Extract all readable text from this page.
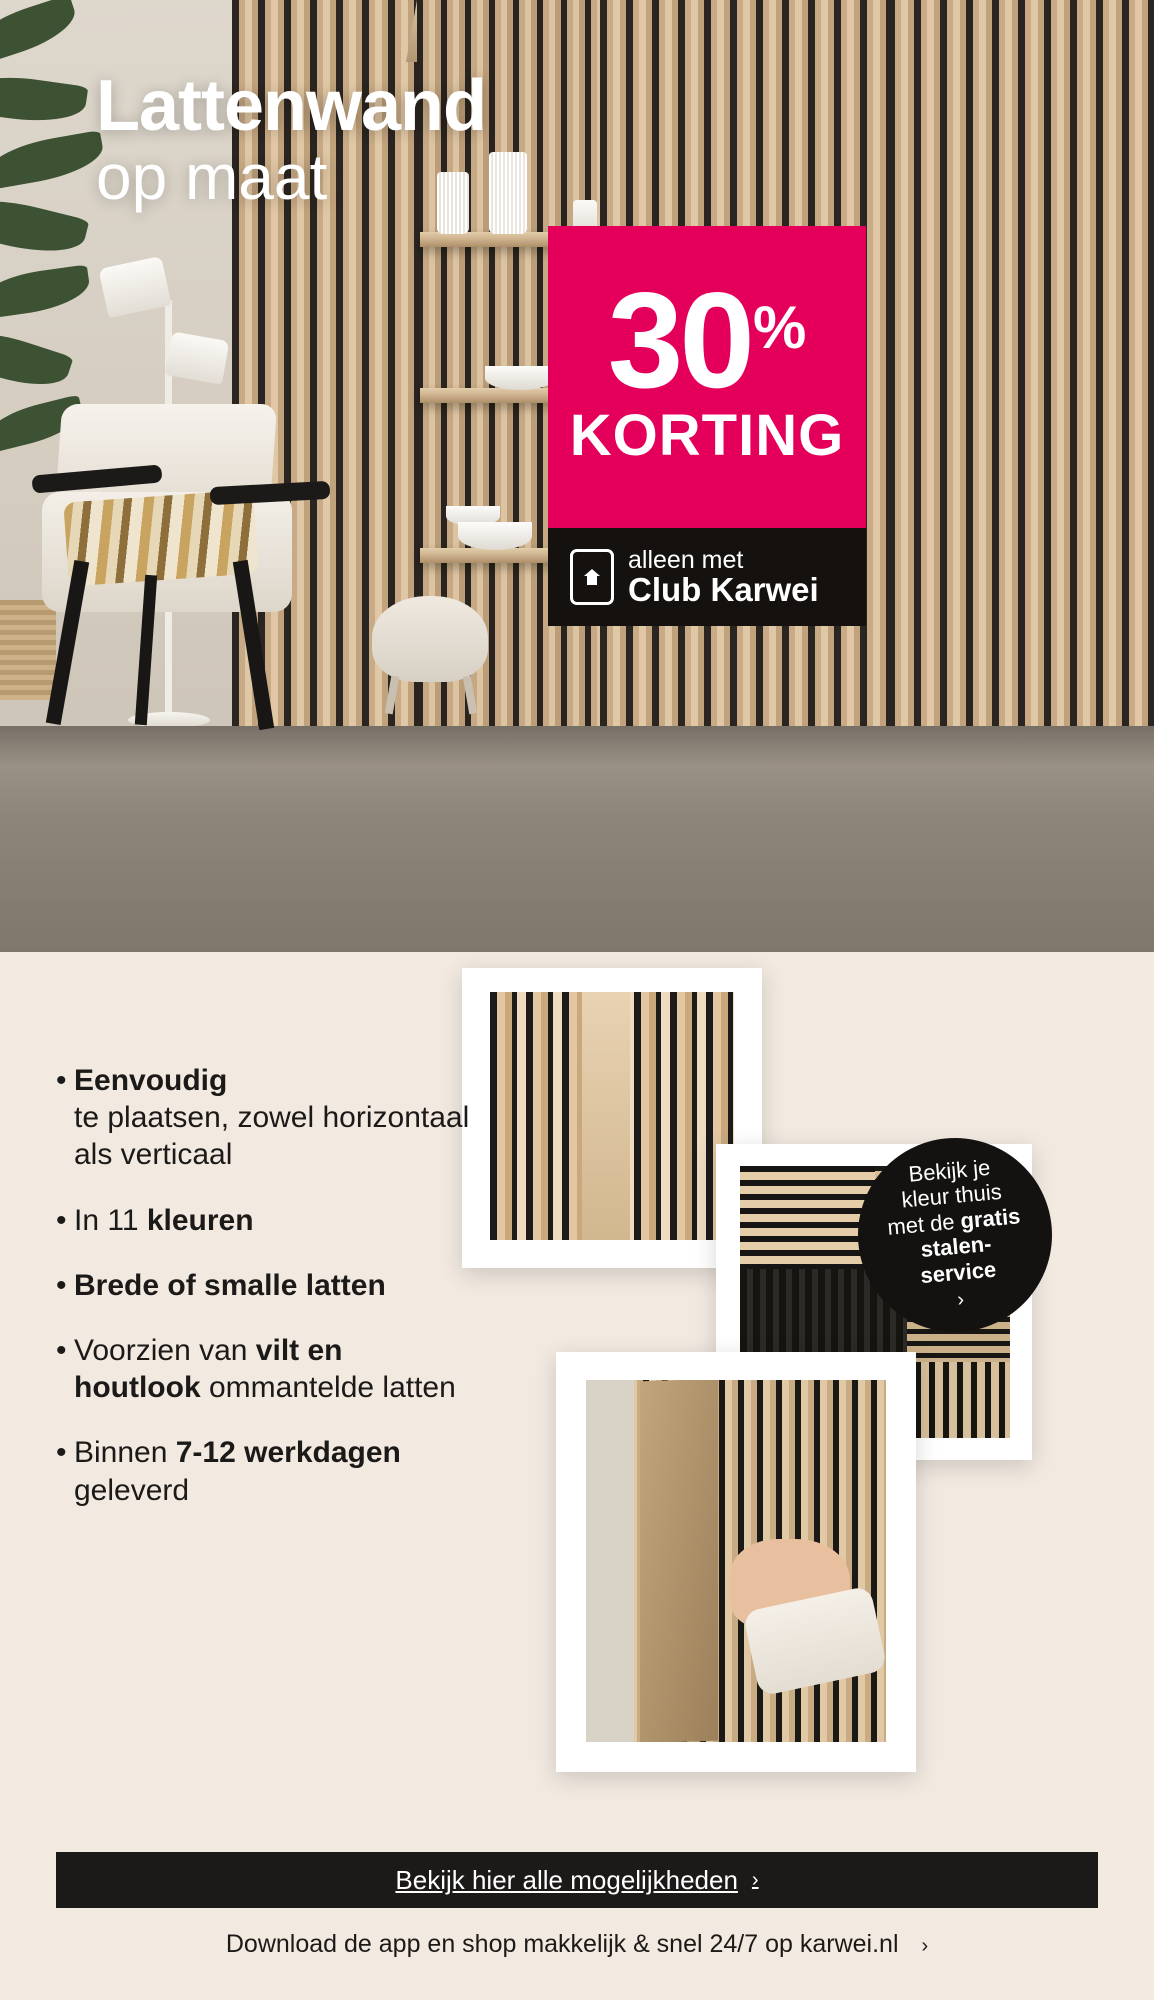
Lattenwand
op maat
30 %
KORTING
alleen met
Club Karwei
Bekijk je
kleur thuis
met de gratis
stalen-
service
›
• Eenvoudig
te plaatsen, zowel horizontaal als verticaal
• In 11 kleuren
• Brede of smalle latten
• Voorzien van vilt en houtlook ommantelde latten
• Binnen 7-12 werkdagen geleverd
Bekijk hier alle mogelijkheden ›
Download de app en shop makkelijk & snel 24/7 op karwei.nl ›
